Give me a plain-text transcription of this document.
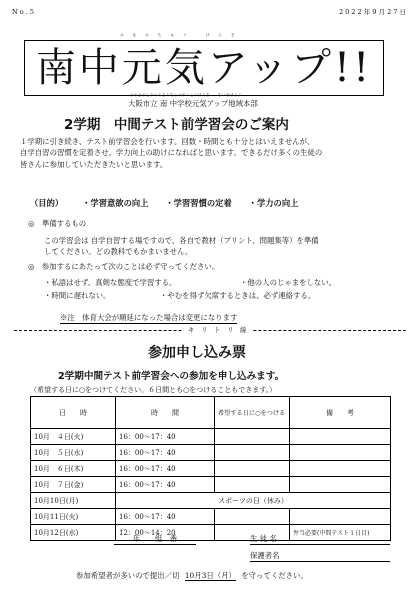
N o . 5	2 0 2 2 年 9 月 2 7 日
みなみちゅう げんき
南中元気アップ!!
おおさかしりつみなみちゅうがっこうげんき　　ちいきほんぶ
大阪市立 南 中学校元気アップ地域本部
2学期　中間テスト前学習会のご案内
１学期に引き続き、テスト前学習会を行います。回数・時間とも十分とはいえませんが、
自学自習の習慣を定着させ、学力向上の助けになればと思います。できるだけ多くの生徒の
皆さんに参加していただきたいと思います。
（目的） ・学習意欲の向上 ・学習習慣の定着 ・学力の向上
◎　準備するもの
この学習会は 自学自習する場ですので、各自で教材（プリント、問題集等）を準備
してください。どの教科でもかまいません。
◎　参加するにあたって次のことは必ず守ってください。
・私語はせず、真剣な態度で学習する。	・他の人のじゃまをしない。
・時間に遅れない。	・やむを得ず欠席するときは、必ず連絡する。
※注　体育大会が順延になった場合は変更になります
キ　リ　ト　リ　線
参加申し込み票
2学期中間テスト前学習会への参加を申し込みます。
（希望する日に○をつけてください。６日間とも○をつけることもできます。）
日　　時	時　　間	希望する日に○をつける	備　　考
10月　４日(火)	16：00～17：40		
10月　５日(水)	16：00～17：40		
10月　６日(木)	16：00～17：40		
10月　７日(金)	16：00～17：40		
10月10日(月)	スポーツの日（休み）		
10月11日(火)	16：00～17：40		
10月12日(水)	12：00～14：20		弁当必要(中間テスト１日目)
年　　組　番	生 徒 名
保護者名
参加希望者が多いので提出／切 10月3日（月） を守ってください。
